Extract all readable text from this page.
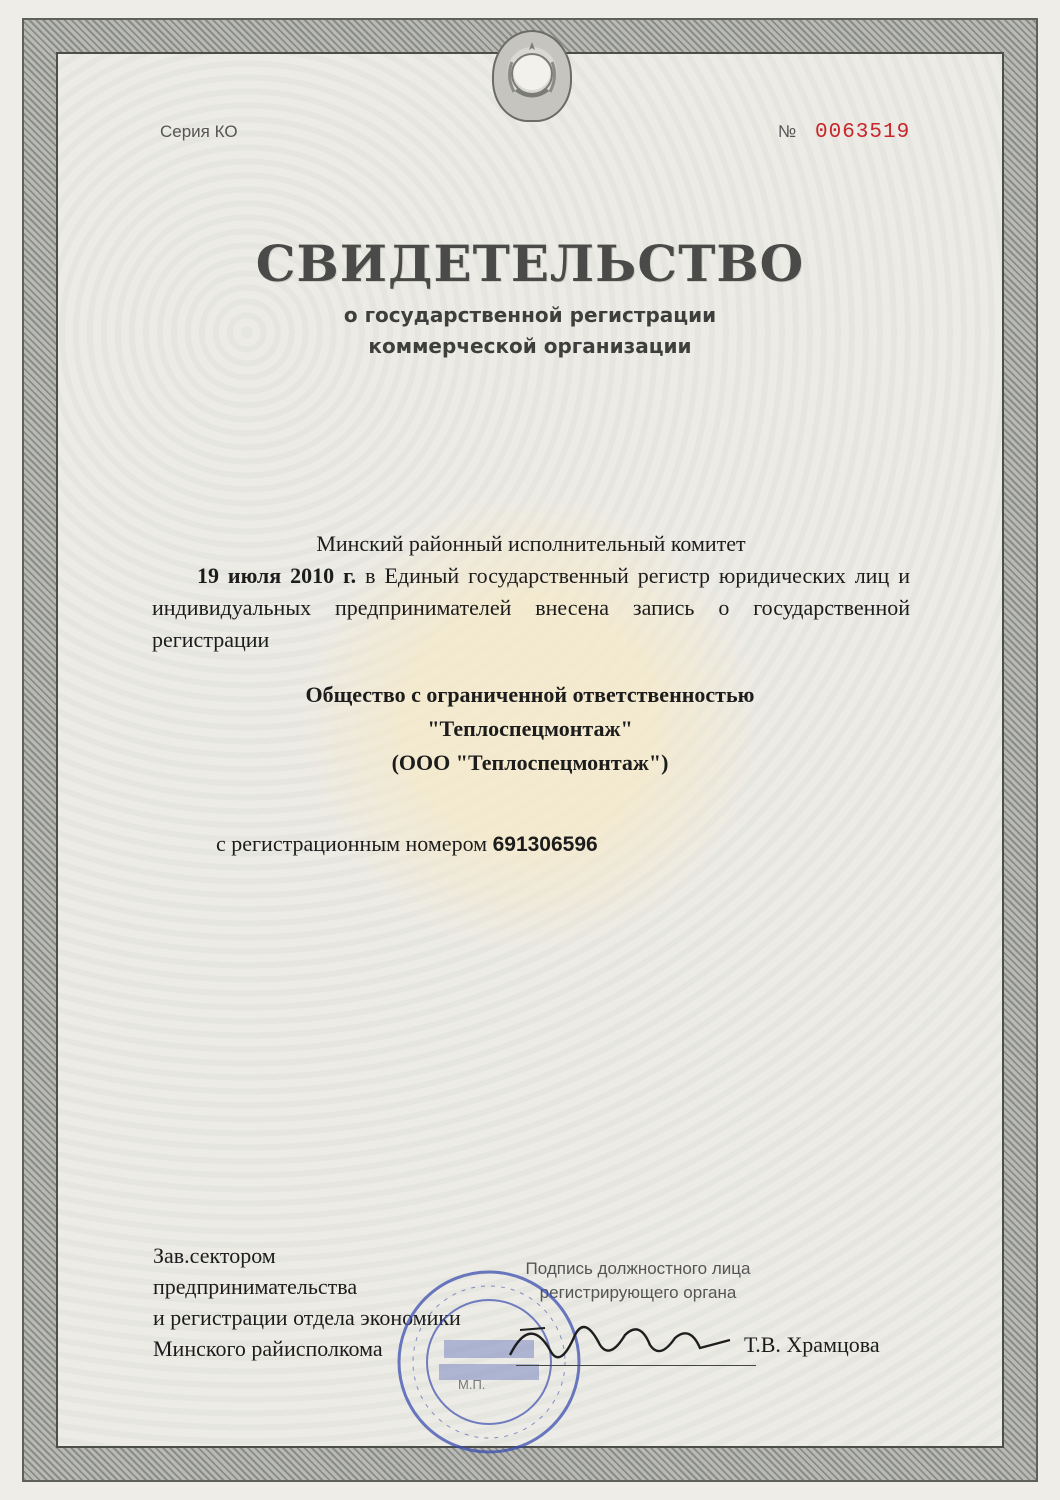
Серия КО	№ 0063519
СВИДЕТЕЛЬСТВО
о государственной регистрации
коммерческой организации

Минский районный исполнительный комитет

19 июля 2010 г. в Единый государственный регистр юридических лиц и индивидуальных предпринимателей внесена запись о государственной регистрации

Общество с ограниченной ответственностью
"Теплоспецмонтаж"
(ООО "Теплоспецмонтаж")
с регистрационным номером 691306596
Зав.сектором
предпринимательства
и регистрации отдела экономики
Минского райисполкома
Подпись должностного лица
регистрирующего органа
М.П.
Т.В. Храмцова
